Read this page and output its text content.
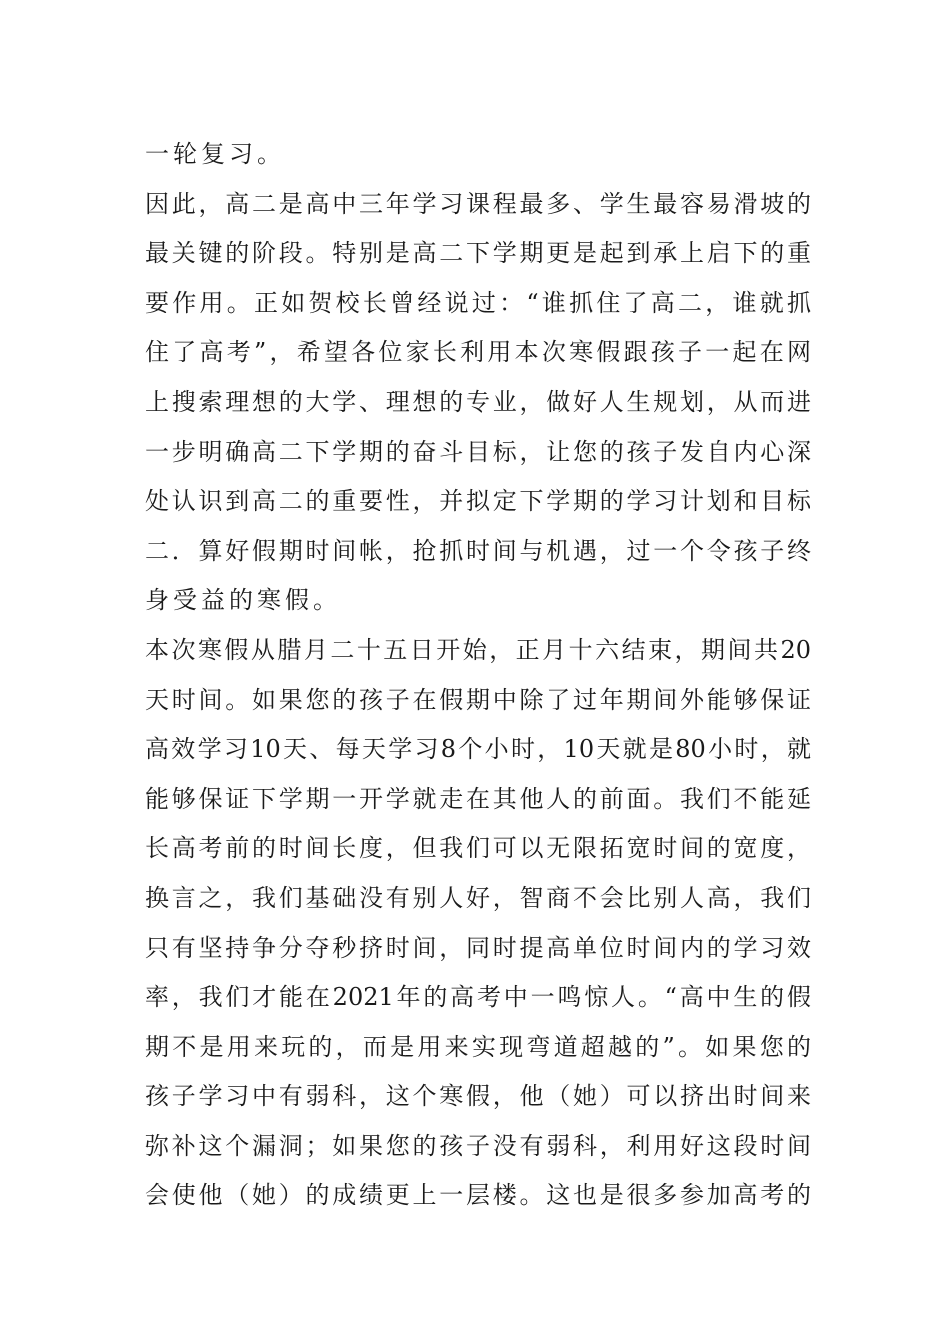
一轮复习。
因此，高二是高中三年学习课程最多、学生最容易滑坡的
最关键的阶段。特别是高二下学期更是起到承上启下的重
要作用。正如贺校长曾经说过：“谁抓住了高二，谁就抓
住了高考”，希望各位家长利用本次寒假跟孩子一起在网
上搜索理想的大学、理想的专业，做好人生规划，从而进
一步明确高二下学期的奋斗目标，让您的孩子发自内心深
处认识到高二的重要性，并拟定下学期的学习计划和目标
二．算好假期时间帐，抢抓时间与机遇，过一个令孩子终
身受益的寒假。
本次寒假从腊月二十五日开始，正月十六结束，期间共20
天时间。如果您的孩子在假期中除了过年期间外能够保证
高效学习10天、每天学习8个小时，10天就是80小时，就
能够保证下学期一开学就走在其他人的前面。我们不能延
长高考前的时间长度，但我们可以无限拓宽时间的宽度，
换言之，我们基础没有别人好，智商不会比别人高，我们
只有坚持争分夺秒挤时间，同时提高单位时间内的学习效
率，我们才能在2021年的高考中一鸣惊人。“高中生的假
期不是用来玩的，而是用来实现弯道超越的”。如果您的
孩子学习中有弱科，这个寒假，他（她）可以挤出时间来
弥补这个漏洞；如果您的孩子没有弱科，利用好这段时间
会使他（她）的成绩更上一层楼。这也是很多参加高考的
